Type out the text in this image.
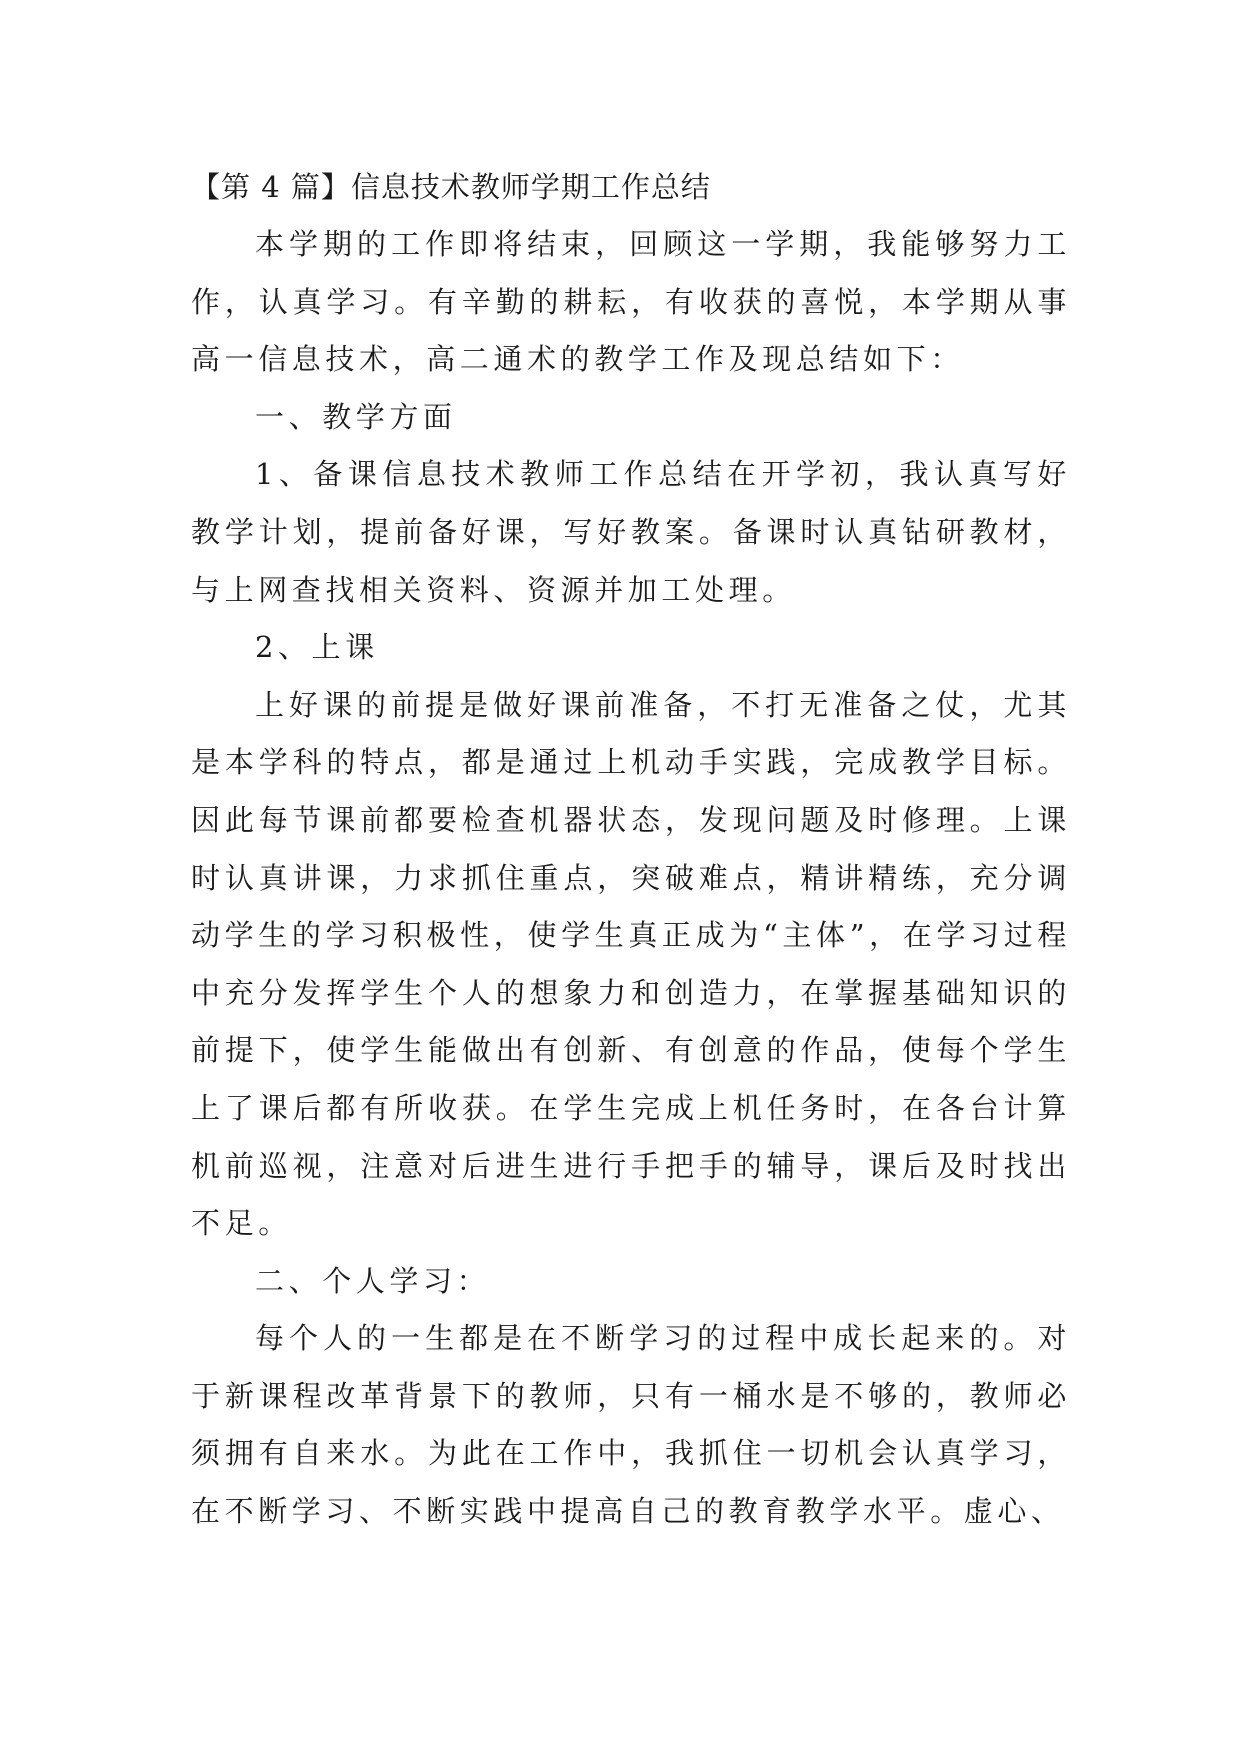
【第 4 篇】信息技术教师学期工作总结

本学期的工作即将结束，回顾这一学期，我能够努力工作，认真学习。有辛勤的耕耘，有收获的喜悦，本学期从事高一信息技术，高二通术的教学工作及现总结如下：

一、教学方面

1、备课信息技术教师工作总结在开学初，我认真写好教学计划，提前备好课，写好教案。备课时认真钻研教材，与上网查找相关资料、资源并加工处理。

2、上课

上好课的前提是做好课前准备，不打无准备之仗，尤其是本学科的特点，都是通过上机动手实践，完成教学目标。因此每节课前都要检查机器状态，发现问题及时修理。上课时认真讲课，力求抓住重点，突破难点，精讲精练，充分调动学生的学习积极性，使学生真正成为“主体”，在学习过程中充分发挥学生个人的想象力和创造力，在掌握基础知识的前提下，使学生能做出有创新、有创意的作品，使每个学生上了课后都有所收获。在学生完成上机任务时，在各台计算机前巡视，注意对后进生进行手把手的辅导，课后及时找出不足。

二、个人学习：

每个人的一生都是在不断学习的过程中成长起来的。对于新课程改革背景下的教师，只有一桶水是不够的，教师必须拥有自来水。为此在工作中，我抓住一切机会认真学习，在不断学习、不断实践中提高自己的教育教学水平。虚心、
